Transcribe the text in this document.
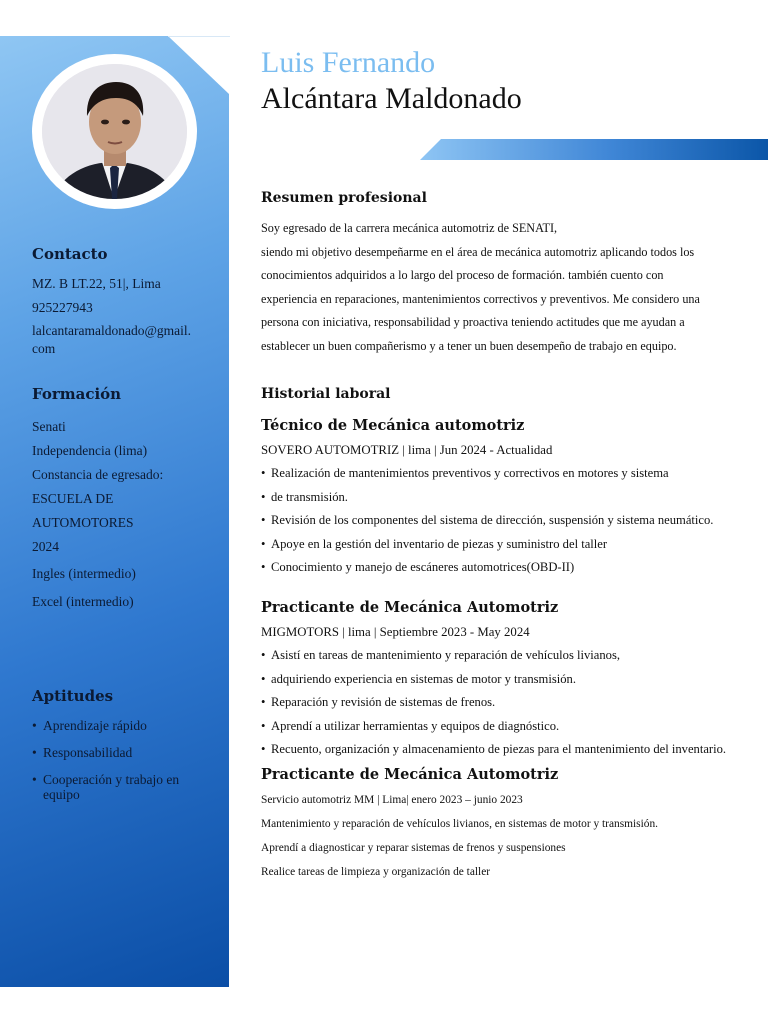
Contacto
MZ. B LT.22, 51|, Lima
925227943
lalcantaramaldonado@gmail.
com
Formación
Senati
Independencia (lima)
Constancia de egresado:
ESCUELA DE
AUTOMOTORES
2024
Ingles (intermedio)
Excel (intermedio)
Aptitudes
• Aprendizaje rápido
• Responsabilidad
• Cooperación y trabajo en equipo
Luis Fernando
Alcántara Maldonado
Resumen profesional
Soy egresado de la carrera mecánica automotriz de SENATI,
siendo mi objetivo desempeñarme en el área de mecánica automotriz aplicando todos los
conocimientos adquiridos a lo largo del proceso de formación. también cuento con
experiencia en reparaciones, mantenimientos correctivos y preventivos. Me considero una
persona con iniciativa, responsabilidad y proactiva teniendo actitudes que me ayudan a
establecer un buen compañerismo y a tener un buen desempeño de trabajo en equipo.
Historial laboral
Técnico de Mecánica automotriz
SOVERO AUTOMOTRIZ | lima | Jun 2024 - Actualidad
• Realización de mantenimientos preventivos y correctivos en motores y sistema
• de transmisión.
• Revisión de los componentes del sistema de dirección, suspensión y sistema neumático.
• Apoye en la gestión del inventario de piezas y suministro del taller
• Conocimiento y manejo de escáneres automotrices(OBD-II)
Practicante de Mecánica Automotriz
MIGMOTORS | lima | Septiembre 2023 - May 2024
• Asistí en tareas de mantenimiento y reparación de vehículos livianos,
• adquiriendo experiencia en sistemas de motor y transmisión.
• Reparación y revisión de sistemas de frenos.
• Aprendí a utilizar herramientas y equipos de diagnóstico.
• Recuento, organización y almacenamiento de piezas para el mantenimiento del inventario.
Practicante de Mecánica Automotriz
Servicio automotriz MM | Lima| enero 2023 – junio 2023
Mantenimiento y reparación de vehículos livianos, en sistemas de motor y transmisión.
Aprendí a diagnosticar y reparar sistemas de frenos y suspensiones
Realice tareas de limpieza y organización de taller
